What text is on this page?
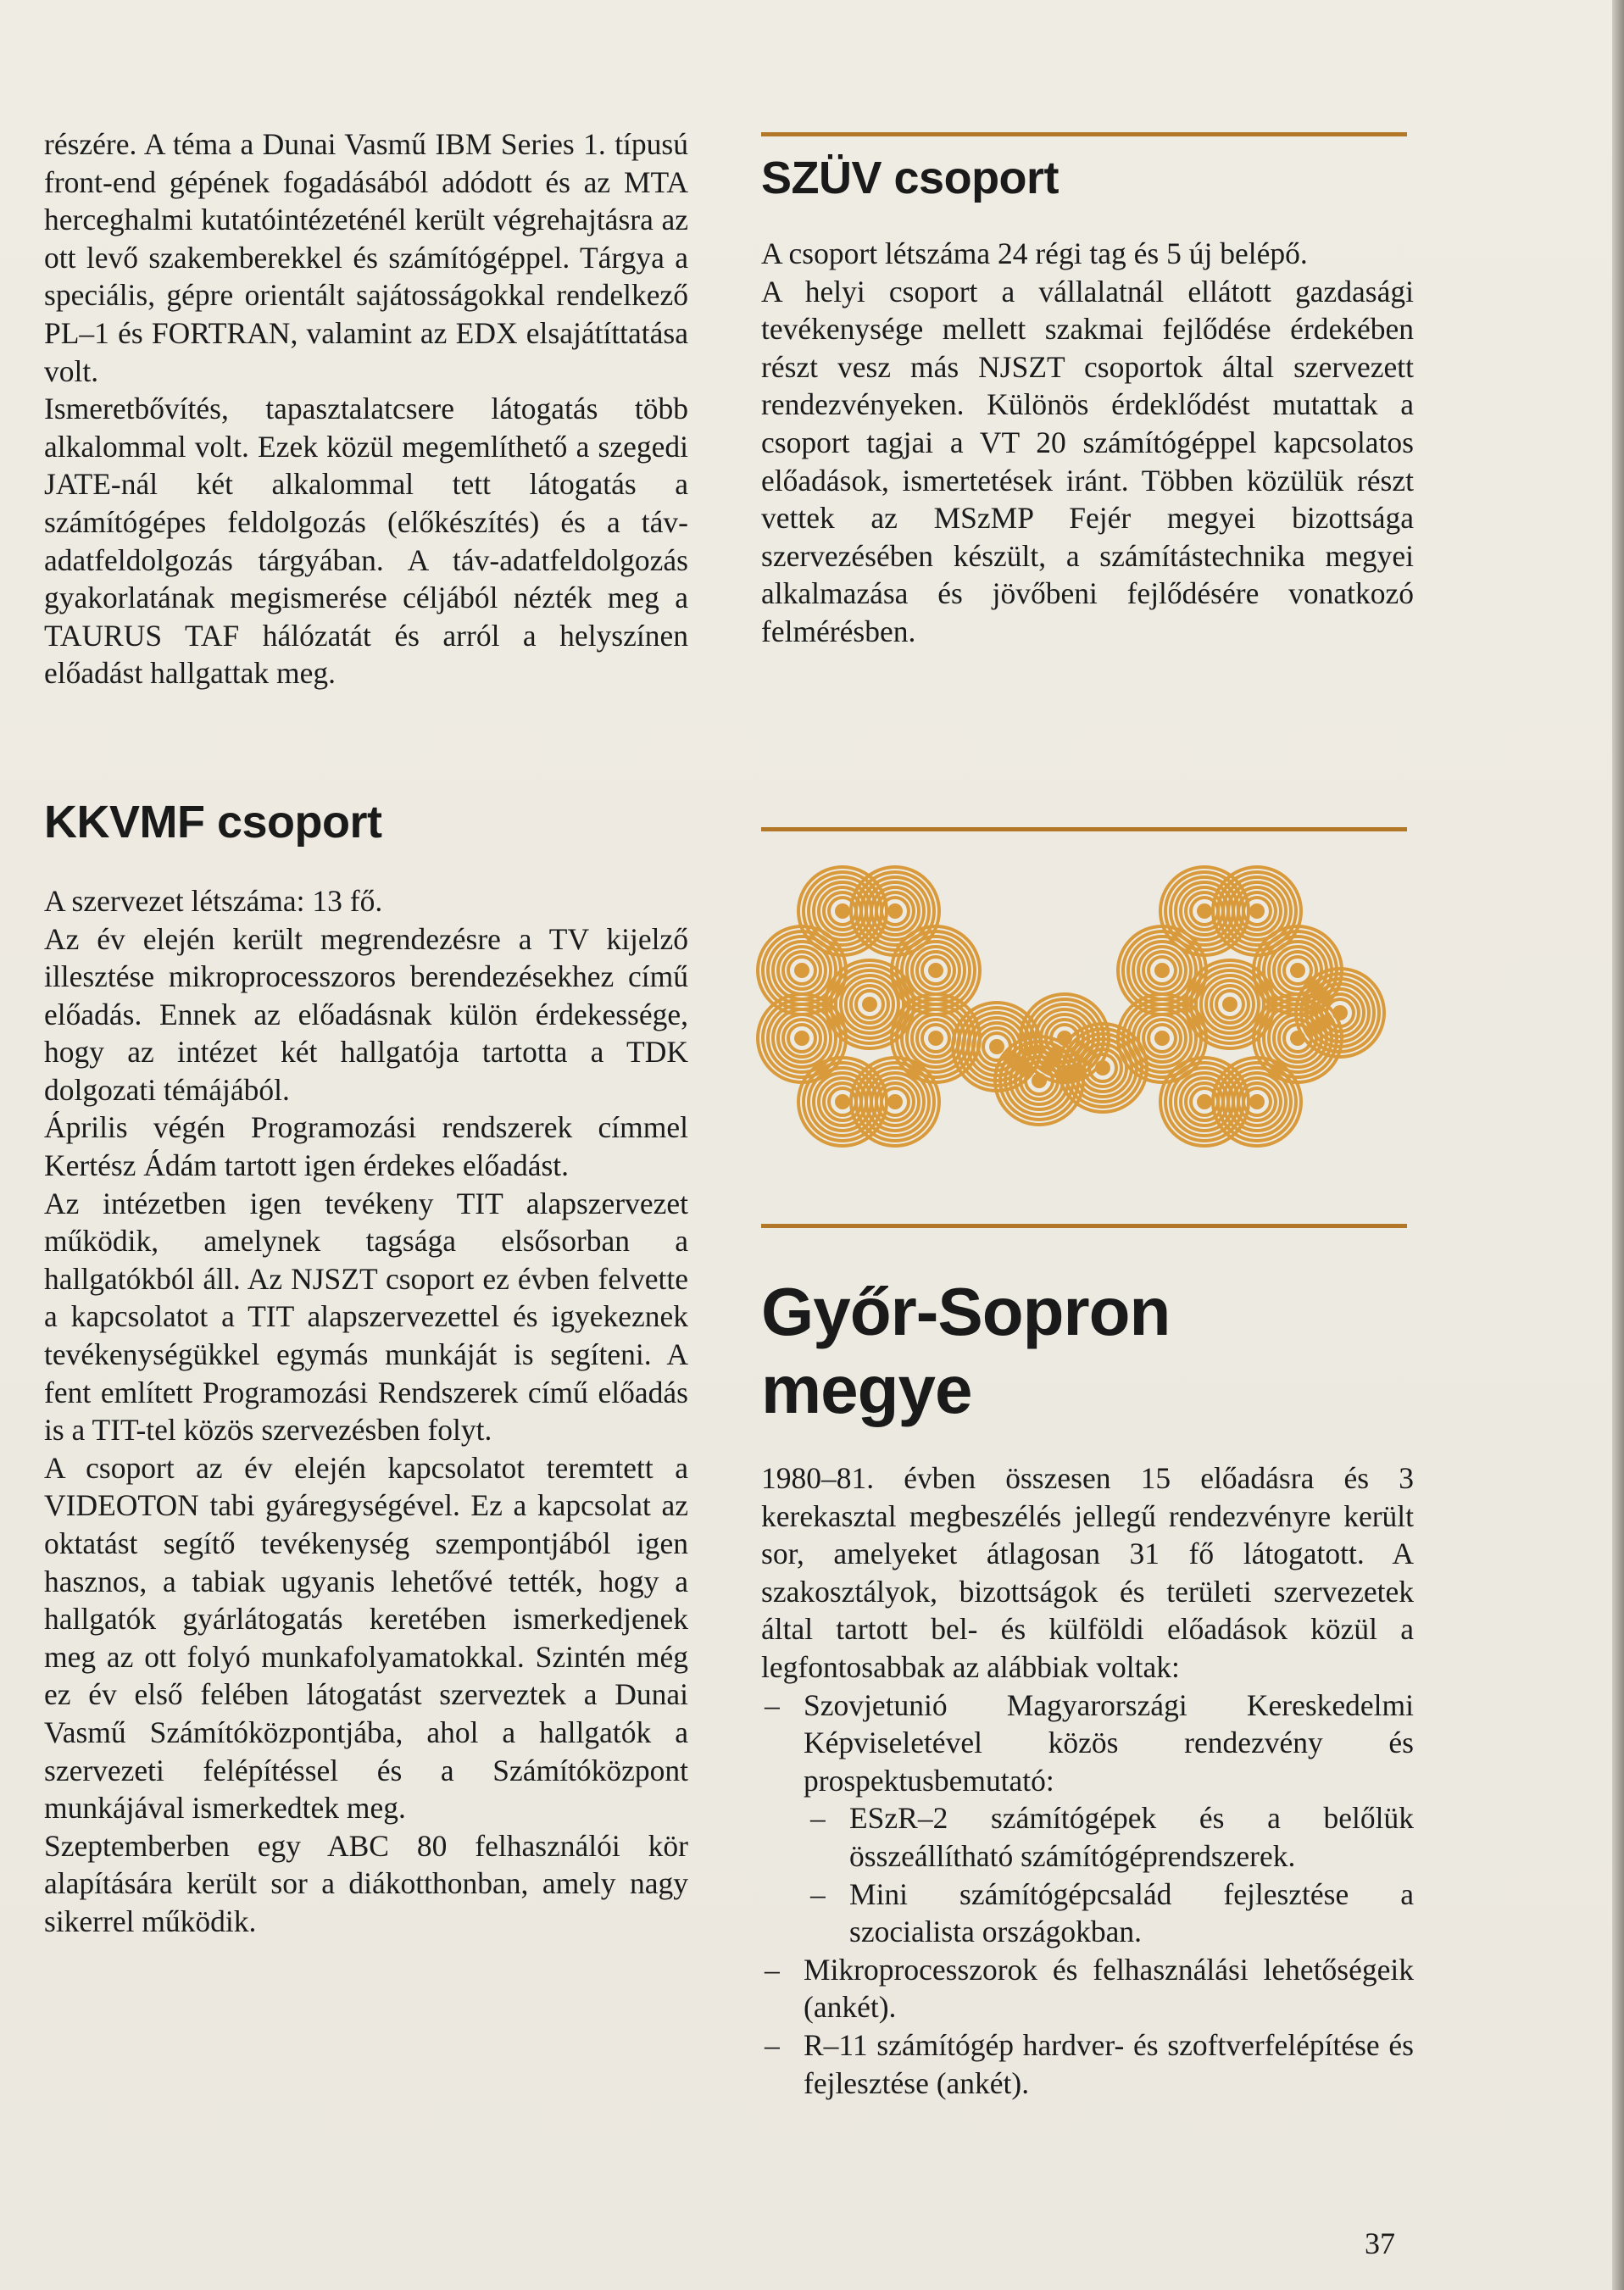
részére. A téma a Dunai Vasmű IBM Series 1. típusú front-end gépének fogadásából adódott és az MTA herceghalmi kutatóintézeténél került végrehajtásra az ott levő szakemberekkel és számítógéppel. Tárgya a speciális, gépre orientált sajátosságokkal rendelkező PL–1 és FORTRAN, valamint az EDX elsajátíttatása volt.

Ismeretbővítés, tapasztalatcsere látogatás több alkalommal volt. Ezek közül megemlíthető a szegedi JATE-nál két alkalommal tett látogatás a számítógépes feldolgozás (előkészítés) és a táv-adatfeldolgozás tárgyában. A táv-adatfeldolgozás gyakorlatának megismerése céljából nézték meg a TAURUS TAF hálózatát és arról a helyszínen előadást hallgattak meg.

KKVMF csoport

A szervezet létszáma: 13 fő.

Az év elején került megrendezésre a TV kijelző illesztése mikroprocesszoros berendezésekhez című előadás. Ennek az előadásnak külön érdekessége, hogy az intézet két hallgatója tartotta a TDK dolgozati témájából.

Április végén Programozási rendszerek címmel Kertész Ádám tartott igen érdekes előadást.

Az intézetben igen tevékeny TIT alapszervezet működik, amelynek tagsága elsősorban a hallgatókból áll. Az NJSZT csoport ez évben felvette a kapcsolatot a TIT alapszervezettel és igyekeznek tevékenységükkel egymás munkáját is segíteni. A fent említett Programozási Rendszerek című előadás is a TIT-tel közös szervezésben folyt.

A csoport az év elején kapcsolatot teremtett a VIDEOTON tabi gyáregységével. Ez a kapcsolat az oktatást segítő tevékenység szempontjából igen hasznos, a tabiak ugyanis lehetővé tették, hogy a hallgatók gyárlátogatás keretében ismerkedjenek meg az ott folyó munkafolyamatokkal. Szintén még ez év első felében látogatást szerveztek a Dunai Vasmű Számítóközpontjába, ahol a hallgatók a szervezeti felépítéssel és a Számítóközpont munkájával ismerkedtek meg.

Szeptemberben egy ABC 80 felhasználói kör alapítására került sor a diákotthonban, amely nagy sikerrel működik.

SZÜV csoport

A csoport létszáma 24 régi tag és 5 új belépő.

A helyi csoport a vállalatnál ellátott gazdasági tevékenysége mellett szakmai fejlődése érdekében részt vesz más NJSZT csoportok által szervezett rendezvényeken. Különös érdeklődést mutattak a csoport tagjai a VT 20 számítógéppel kapcsolatos előadások, ismertetések iránt. Többen közülük részt vettek az MSzMP Fejér megyei bizottsága szervezésében készült, a számítástechnika megyei alkalmazása és jövőbeni fejlődésére vonatkozó felmérésben.

Győr-Sopron
megye

1980–81. évben összesen 15 előadásra és 3 kerekasztal megbeszélés jellegű rendezvényre került sor, amelyeket átlagosan 31 fő látogatott. A szakosztályok, bizottságok és területi szervezetek által tartott bel- és külföldi előadások közül a legfontosabbak az alábbiak voltak:

– Szovjetunió Magyarországi Kereskedelmi Képviseletével közös rendezvény és prospektusbemutató:
– ESzR–2 számítógépek és a belőlük összeállítható számítógéprendszerek.
– Mini számítógépcsalád fejlesztése a szocialista országokban.
– Mikroprocesszorok és felhasználási lehetőségeik (ankét).
– R–11 számítógép hardver- és szoftverfelépítése és fejlesztése (ankét).
37
